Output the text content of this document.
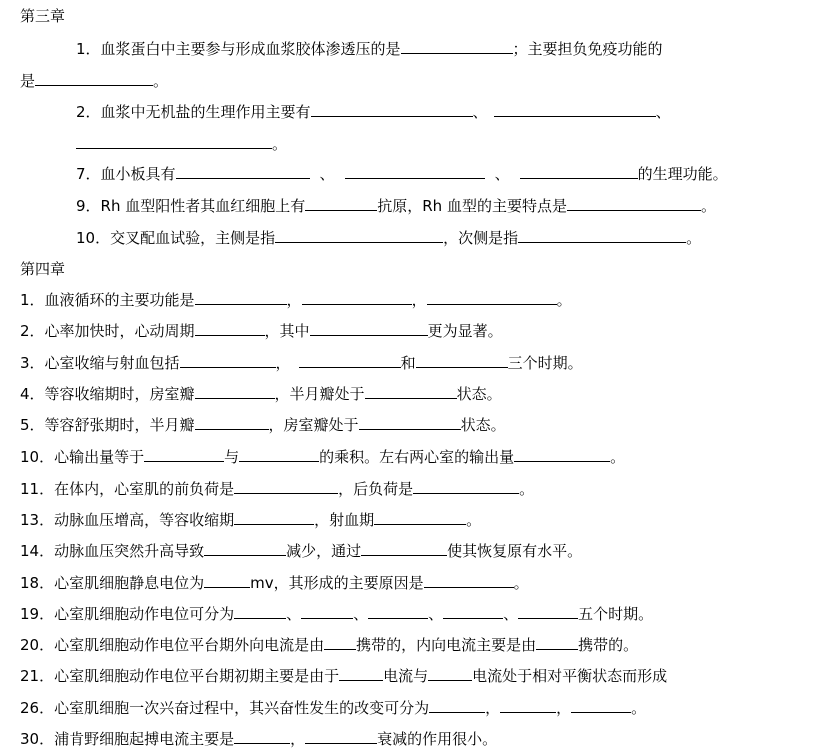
第三章
1．血浆蛋白中主要参与形成血浆胶体渗透压的是	；主要担负免疫功能的
是	。
2．血浆中无机盐的生理作用主要有	、	、
。
7．血小板具有	、	、	的生理功能。
9．Rh 血型阳性者其血红细胞上有	抗原，Rh 血型的主要特点是	。
10．交叉配血试验，主侧是指	，次侧是指	。
第四章
1．血液循环的主要功能是	，	，	。
2．心率加快时，心动周期	，其中	更为显著。
3．心室收缩与射血包括	，	和	三个时期。
4．等容收缩期时，房室瓣	，半月瓣处于	状态。
5．等容舒张期时，半月瓣	，房室瓣处于	状态。
10．心输出量等于	与	的乘积。左右两心室的输出量	。
11．在体内，心室肌的前负荷是	，后负荷是	。
13．动脉血压增高，等容收缩期	，射血期	。
14．动脉血压突然升高导致	减少，通过	使其恢复原有水平。
18．心室肌细胞静息电位为	mv，其形成的主要原因是	。
19．心室肌细胞动作电位可分为	、	、	、	、	五个时期。
20．心室肌细胞动作电位平台期外向电流是由 携带的，内向电流主要是由	携带的。
21．心室肌细胞动作电位平台期初期主要是由于	电流与	电流处于相对平衡状态而形成
26．心室肌细胞一次兴奋过程中，其兴奋性发生的改变可分为	，	，	。
30．浦肯野细胞起搏电流主要是	，	衰减的作用很小。
